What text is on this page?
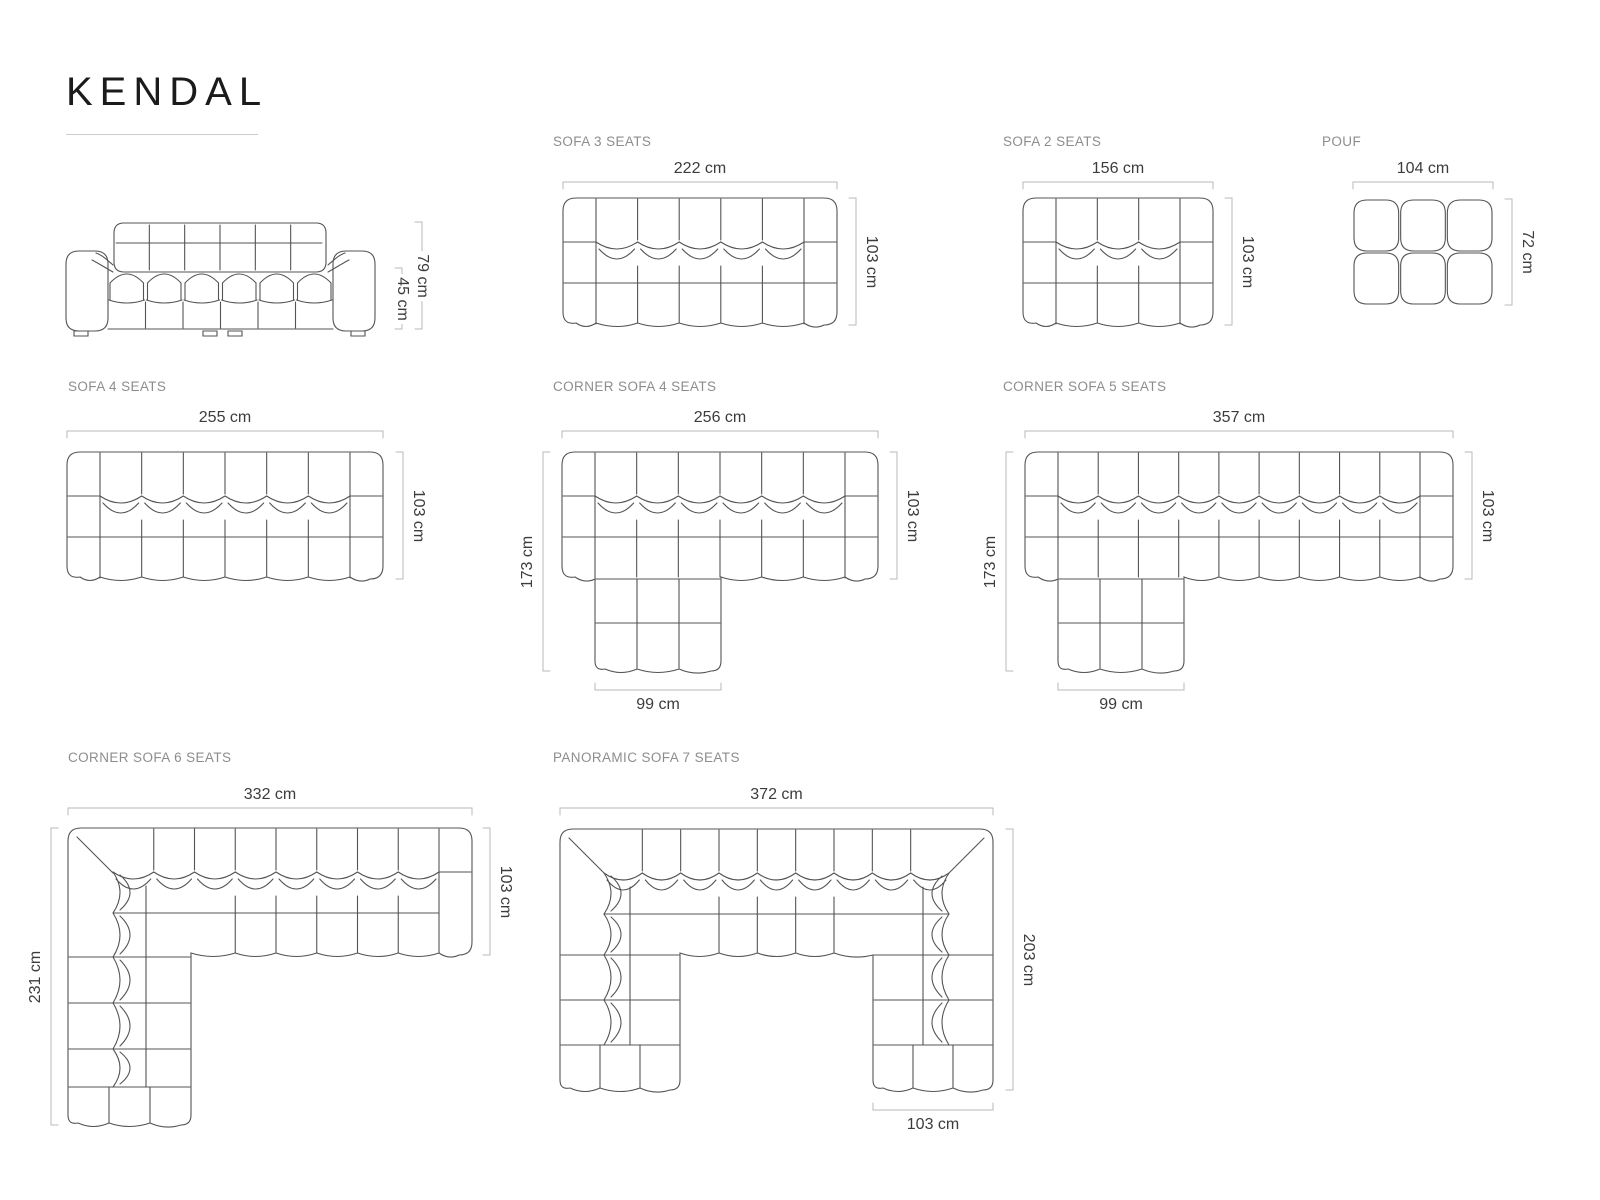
KENDAL
79 cm
45 cm
222 cm
103 cm
SOFA 3 SEATS
156 cm
103 cm
SOFA 2 SEATS
104 cm
72 cm
POUF
255 cm
103 cm
SOFA 4 SEATS
256 cm
173 cm
103 cm
99 cm
CORNER SOFA 4 SEATS
357 cm
173 cm
103 cm
99 cm
CORNER SOFA 5 SEATS
332 cm
231 cm
103 cm
CORNER SOFA 6 SEATS
372 cm
203 cm
103 cm
PANORAMIC SOFA 7 SEATS
